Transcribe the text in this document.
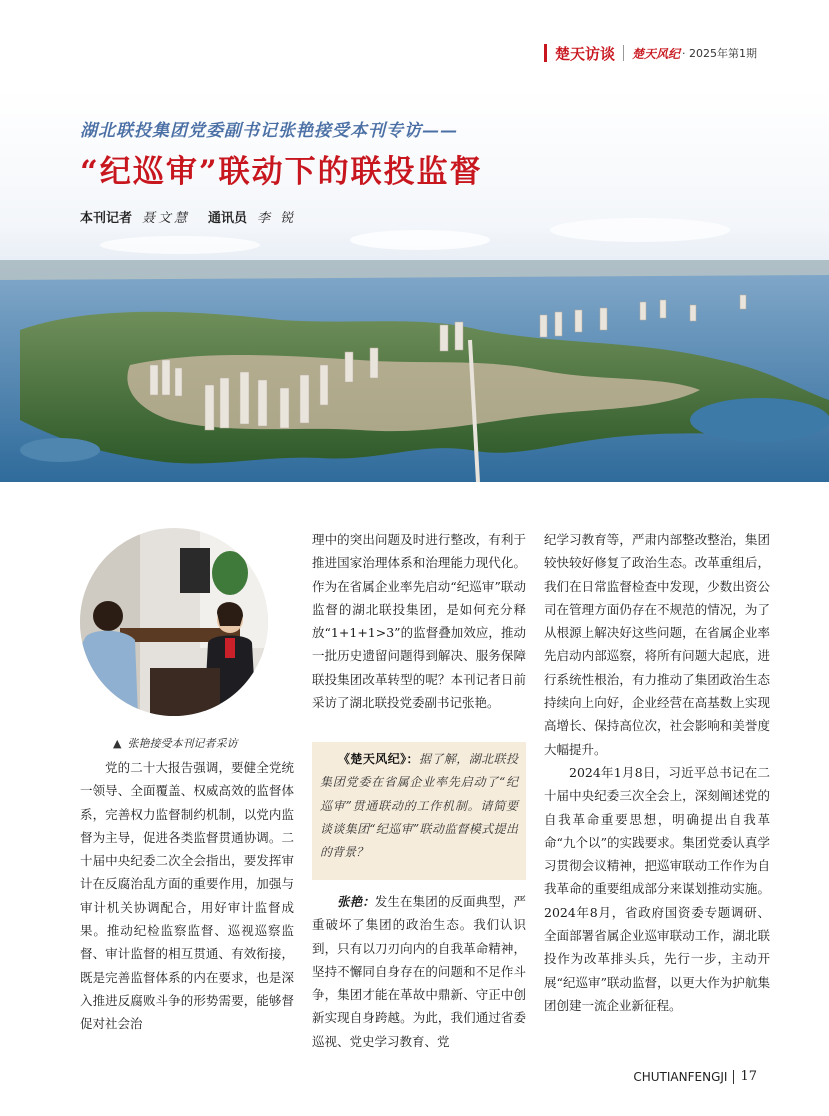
楚天访谈 楚天风纪 · 2025年第1期
湖北联投集团党委副书记张艳接受本刊专访——
“纪巡审”联动下的联投监督
本刊记者 聂文慧 通讯员 李 锐
▲ 张艳接受本刊记者采访

党的二十大报告强调，要健全党统一领导、全面覆盖、权威高效的监督体系，完善权力监督制约机制，以党内监督为主导，促进各类监督贯通协调。二十届中央纪委二次全会指出，要发挥审计在反腐治乱方面的重要作用，加强与审计机关协调配合，用好审计监督成果。推动纪检监察监督、巡视巡察监督、审计监督的相互贯通、有效衔接，既是完善监督体系的内在要求，也是深入推进反腐败斗争的形势需要，能够督促对社会治

理中的突出问题及时进行整改，有利于推进国家治理体系和治理能力现代化。作为在省属企业率先启动“纪巡审”联动监督的湖北联投集团，是如何充分释放“1+1+1>3”的监督叠加效应，推动一批历史遗留问题得到解决、服务保障联投集团改革转型的呢？本刊记者日前采访了湖北联投党委副书记张艳。

《楚天风纪》：据了解，湖北联投集团党委在省属企业率先启动了“纪巡审”贯通联动的工作机制。请简要谈谈集团“纪巡审”联动监督模式提出的背景？

张艳：发生在集团的反面典型，严重破坏了集团的政治生态。我们认识到，只有以刀刃向内的自我革命精神，坚持不懈同自身存在的问题和不足作斗争，集团才能在革故中鼎新、守正中创新实现自身跨越。为此，我们通过省委巡视、党史学习教育、党

纪学习教育等，严肃内部整改整治，集团较快较好修复了政治生态。改革重组后，我们在日常监督检查中发现，少数出资公司在管理方面仍存在不规范的情况，为了从根源上解决好这些问题，在省属企业率先启动内部巡察，将所有问题大起底，进行系统性根治，有力推动了集团政治生态持续向上向好，企业经营在高基数上实现高增长、保持高位次，社会影响和美誉度大幅提升。

2024年1月8日，习近平总书记在二十届中央纪委三次全会上，深刻阐述党的自我革命重要思想，明确提出自我革命“九个以”的实践要求。集团党委认真学习贯彻会议精神，把巡审联动工作作为自我革命的重要组成部分来谋划推动实施。2024年8月，省政府国资委专题调研、全面部署省属企业巡审联动工作，湖北联投作为改革排头兵，先行一步，主动开展“纪巡审”联动监督，以更大作为护航集团创建一流企业新征程。

CHUTIANFENGJI 17
